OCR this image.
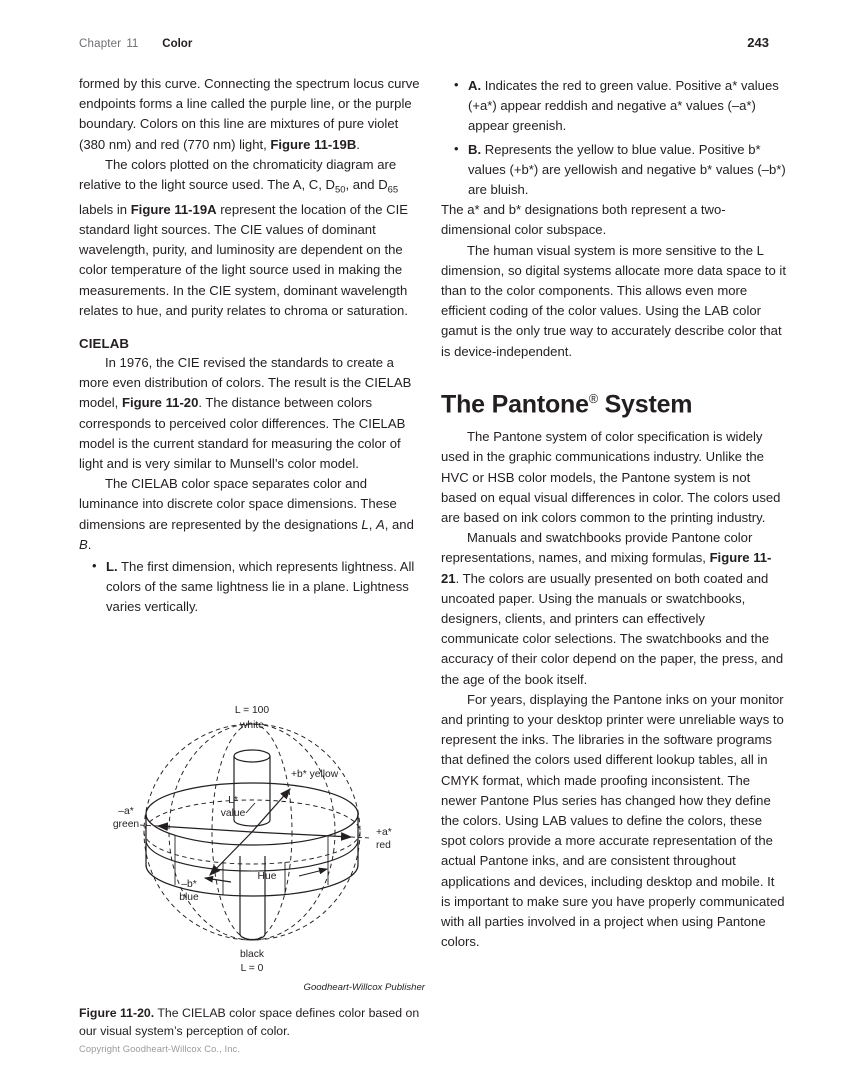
Chapter 11 Color	243

formed by this curve. Connecting the spectrum locus curve endpoints forms a line called the purple line, or the purple boundary. Colors on this line are mixtures of pure violet (380 nm) and red (770 nm) light, Figure 11-19B.

The colors plotted on the chromaticity diagram are relative to the light source used. The A, C, $D_{50}$, and $D_{65}$ labels in Figure 11-19A represent the location of the CIE standard light sources. The CIE values of dominant wavelength, purity, and luminosity are dependent on the color temperature of the light source used in making the measurements. In the CIE system, dominant wavelength relates to hue, and purity relates to chroma or saturation.

CIELAB

In 1976, the CIE revised the standards to create a more even distribution of colors. The result is the CIELAB model, Figure 11-20. The distance between colors corresponds to perceived color differences. The CIELAB model is the current standard for measuring the color of light and is very similar to Munsell’s color model.

The CIELAB color space separates color and luminance into discrete color space dimensions. These dimensions are represented by the designations L, A, and B.

• L. The first dimension, which represents lightness. All colors of the same lightness lie in a plane. Lightness varies vertically.
• A. Indicates the red to green value. Positive a* values (+a*) appear reddish and negative a* values (–a*) appear greenish.
• B. Represents the yellow to blue value. Positive b* values (+b*) are yellowish and negative b* values (–b*) are bluish.

The a* and b* designations both represent a two-dimensional color subspace.

The human visual system is more sensitive to the L dimension, so digital systems allocate more data space to it than to the color components. This allows even more efficient coding of the color values. Using the LAB color gamut is the only true way to accurately describe color that is device-independent.

The Pantone® System

The Pantone system of color specification is widely used in the graphic communications industry. Unlike the HVC or HSB color models, the Pantone system is not based on equal visual differences in color. The colors used are based on ink colors common to the printing industry.

Manuals and swatchbooks provide Pantone color representations, names, and mixing formulas, Figure 11-21. The colors are usually presented on both coated and uncoated paper. Using the manuals or swatchbooks, designers, clients, and printers can effectively communicate color selections. The swatchbooks and the accuracy of their color depend on the paper, the press, and the age of the book itself.

For years, displaying the Pantone inks on your monitor and printing to your desktop printer were unreliable ways to represent the inks. The libraries in the software programs that defined the colors used different lookup tables, all in CMYK format, which made proofing inconsistent. The newer Pantone Plus series has changed how they define the colors. Using LAB values to define the colors, these spot colors provide a more accurate representation of the actual Pantone inks, and are consistent throughout applications and devices, including desktop and mobile. It is important to make sure you have properly communicated with all parties involved in a project when using Pantone colors.

L = 100
white
black
L = 0
L*
value
+b* yellow
–b*
blue
+a*
red
–a*
green
Hue
Goodheart-Willcox Publisher
Figure 11-20. The CIELAB color space defines color based on our visual system’s perception of color.
Copyright Goodheart-Willcox Co., Inc.
